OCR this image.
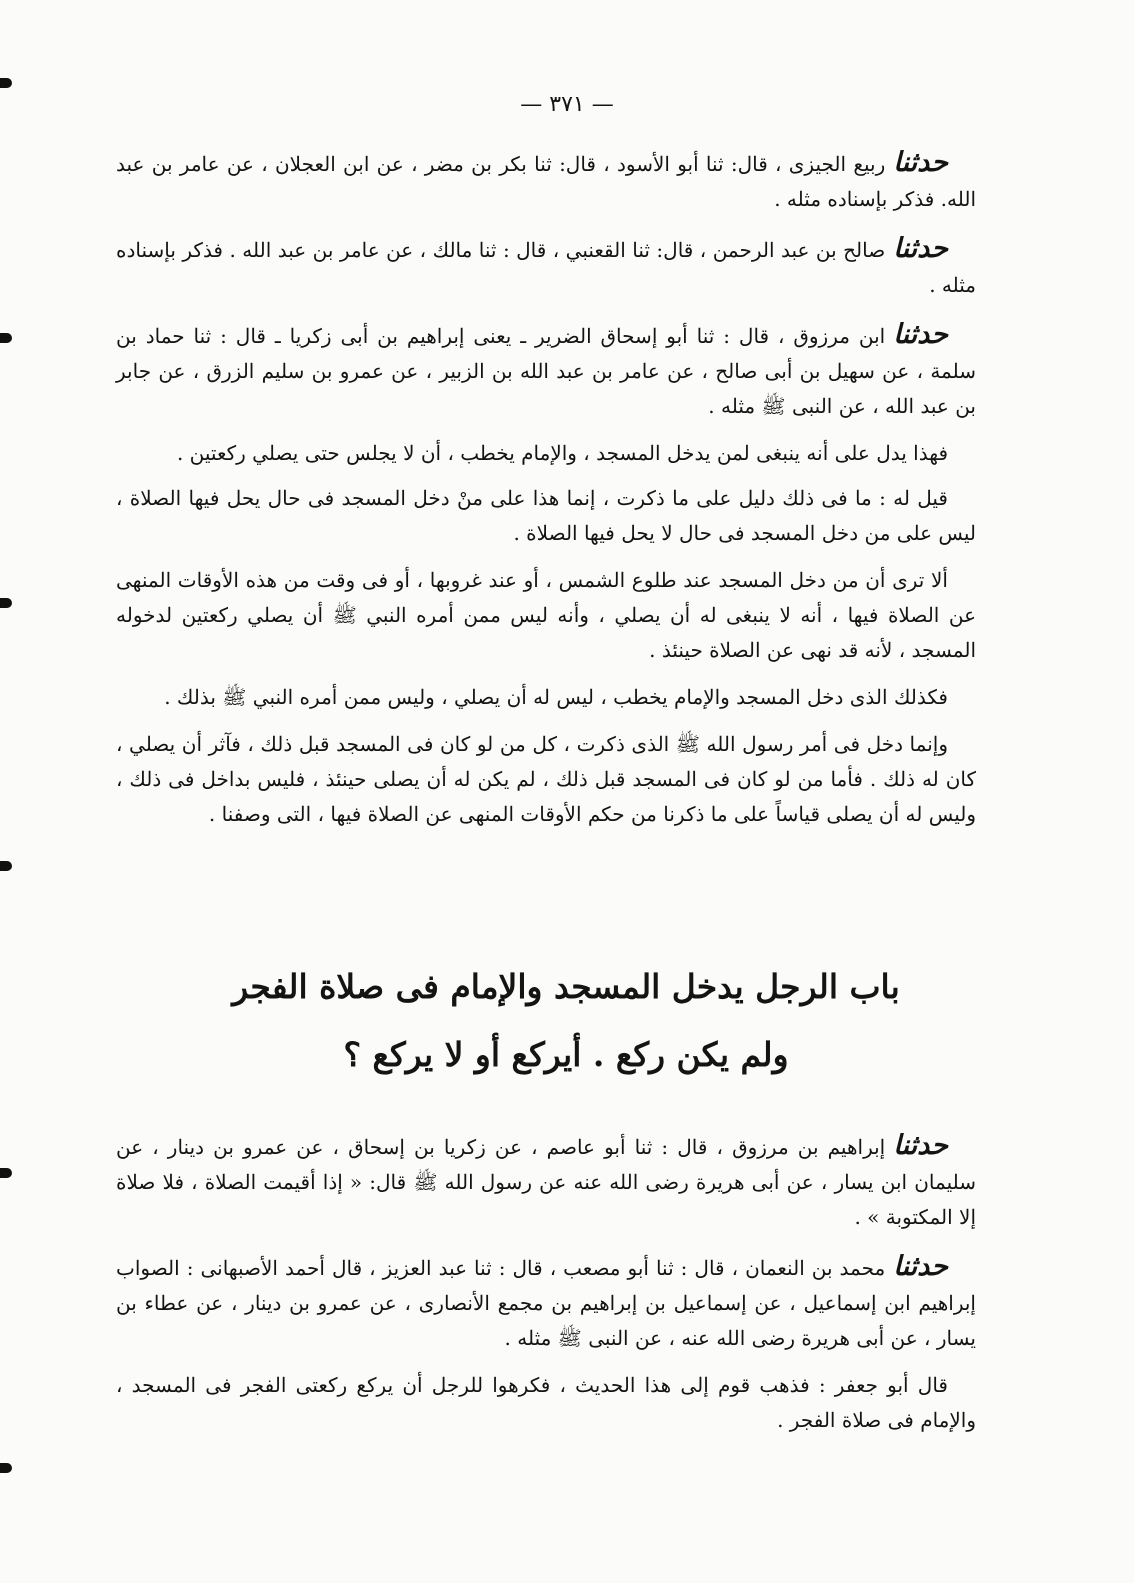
— ٣٧١ —

حدثناربيع الجيزى ، قال: ثنا أبو الأسود ، قال: ثنا بكر بن مضر ، عن ابن العجلان ، عن عامر بن عبد الله. فذكر بإسناده مثله .

حدثناصالح بن عبد الرحمن ، قال: ثنا القعنبي ، قال : ثنا مالك ، عن عامر بن عبد الله . فذكر بإسناده مثله .

حدثناابن مرزوق ، قال : ثنا أبو إسحاق الضرير ـ يعنى إبراهيم بن أبى زكريا ـ قال : ثنا حماد بن سلمة ، عن سهيل بن أبى صالح ، عن عامر بن عبد الله بن الزبير ، عن عمرو بن سليم الزرق ، عن جابر بن عبد الله ، عن النبى ﷺ مثله .

فهذا يدل على أنه ينبغى لمن يدخل المسجد ، والإمام يخطب ، أن لا يجلس حتى يصلي ركعتين .

قيل له : ما فى ذلك دليل على ما ذكرت ، إنما هذا على منْ دخل المسجد فى حال يحل فيها الصلاة ، ليس على من دخل المسجد فى حال لا يحل فيها الصلاة .

ألا ترى أن من دخل المسجد عند طلوع الشمس ، أو عند غروبها ، أو فى وقت من هذه الأوقات المنهى عن الصلاة فيها ، أنه لا ينبغى له أن يصلي ، وأنه ليس ممن أمره النبي ﷺ أن يصلي ركعتين لدخوله المسجد ، لأنه قد نهى عن الصلاة حينئذ .

فكذلك الذى دخل المسجد والإمام يخطب ، ليس له أن يصلي ، وليس ممن أمره النبي ﷺ بذلك .

وإنما دخل فى أمر رسول الله ﷺ الذى ذكرت ، كل من لو كان فى المسجد قبل ذلك ، فآثر أن يصلي ، كان له ذلك . فأما من لو كان فى المسجد قبل ذلك ، لم يكن له أن يصلى حينئذ ، فليس بداخل فى ذلك ، وليس له أن يصلى قياساً على ما ذكرنا من حكم الأوقات المنهى عن الصلاة فيها ، التى وصفنا .

باب الرجل يدخل المسجد والإمام فى صلاة الفجر
ولم يكن ركع . أيركع أو لا يركع ؟

حدثناإبراهيم بن مرزوق ، قال : ثنا أبو عاصم ، عن زكريا بن إسحاق ، عن عمرو بن دينار ، عن سليمان ابن يسار ، عن أبى هريرة رضى الله عنه عن رسول الله ﷺ قال: « إذا أقيمت الصلاة ، فلا صلاة إلا المكتوبة » .

حدثنامحمد بن النعمان ، قال : ثنا أبو مصعب ، قال : ثنا عبد العزيز ، قال أحمد الأصبهانى : الصواب إبراهيم ابن إسماعيل ، عن إسماعيل بن إبراهيم بن مجمع الأنصارى ، عن عمرو بن دينار ، عن عطاء بن يسار ، عن أبى هريرة رضى الله عنه ، عن النبى ﷺ مثله .

قال أبو جعفر : فذهب قوم إلى هذا الحديث ، فكرهوا للرجل أن يركع ركعتى الفجر فى المسجد ، والإمام فى صلاة الفجر .
